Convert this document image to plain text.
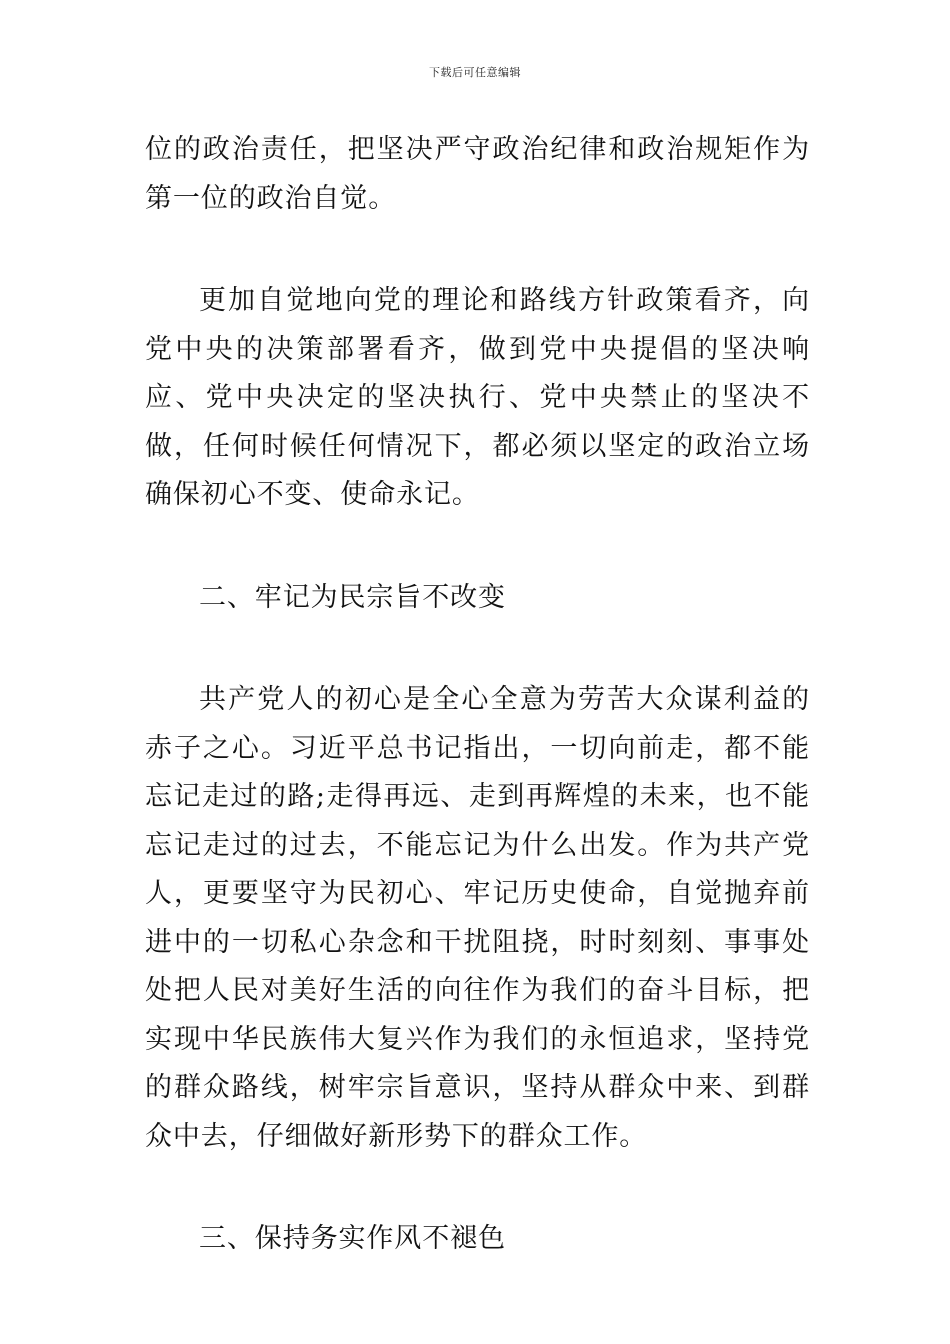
下载后可任意编辑

位的政治责任，把坚决严守政治纪律和政治规矩作为第一位的政治自觉。

更加自觉地向党的理论和路线方针政策看齐，向党中央的决策部署看齐，做到党中央提倡的坚决响应、党中央决定的坚决执行、党中央禁止的坚决不做，任何时候任何情况下，都必须以坚定的政治立场确保初心不变、使命永记。

二、牢记为民宗旨不改变

共产党人的初心是全心全意为劳苦大众谋利益的赤子之心。习近平总书记指出，一切向前走，都不能忘记走过的路;走得再远、走到再辉煌的未来，也不能忘记走过的过去，不能忘记为什么出发。作为共产党人，更要坚守为民初心、牢记历史使命，自觉抛弃前进中的一切私心杂念和干扰阻挠，时时刻刻、事事处处把人民对美好生活的向往作为我们的奋斗目标，把实现中华民族伟大复兴作为我们的永恒追求，坚持党的群众路线，树牢宗旨意识，坚持从群众中来、到群众中去，仔细做好新形势下的群众工作。

三、保持务实作风不褪色
